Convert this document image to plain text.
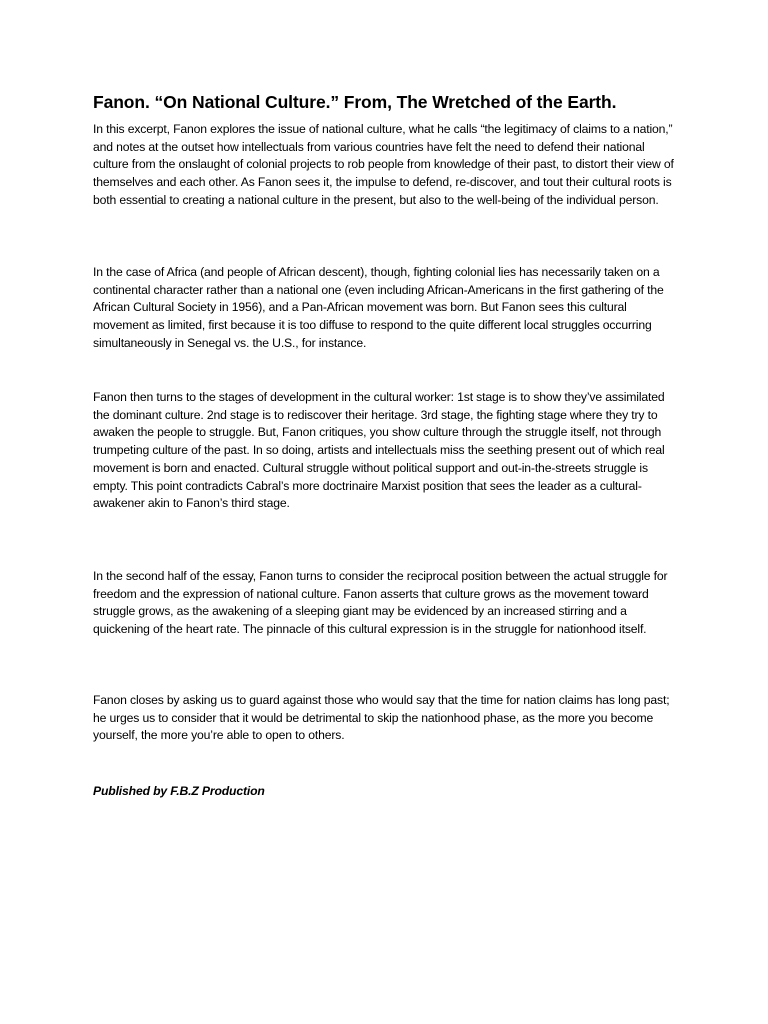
Fanon. “On National Culture.” From, The Wretched of the Earth.

In this excerpt, Fanon explores the issue of national culture, what he calls “the legitimacy of claims to a nation,” and notes at the outset how intellectuals from various countries have felt the need to defend their national culture from the onslaught of colonial projects to rob people from knowledge of their past, to distort their view of themselves and each other. As Fanon sees it, the impulse to defend, re-discover, and tout their cultural roots is both essential to creating a national culture in the present, but also to the well-being of the individual person.

In the case of Africa (and people of African descent), though, fighting colonial lies has necessarily taken on a continental character rather than a national one (even including African-Americans in the first gathering of the African Cultural Society in 1956), and a Pan-African movement was born. But Fanon sees this cultural movement as limited, first because it is too diffuse to respond to the quite different local struggles occurring simultaneously in Senegal vs. the U.S., for instance.

Fanon then turns to the stages of development in the cultural worker: 1st stage is to show they’ve assimilated the dominant culture. 2nd stage is to rediscover their heritage. 3rd stage, the fighting stage where they try to awaken the people to struggle. But, Fanon critiques, you show culture through the struggle itself, not through trumpeting culture of the past. In so doing, artists and intellectuals miss the seething present out of which real movement is born and enacted. Cultural struggle without political support and out-in-the-streets struggle is empty. This point contradicts Cabral’s more doctrinaire Marxist position that sees the leader as a cultural-awakener akin to Fanon’s third stage.

In the second half of the essay, Fanon turns to consider the reciprocal position between the actual struggle for freedom and the expression of national culture. Fanon asserts that culture grows as the movement toward struggle grows, as the awakening of a sleeping giant may be evidenced by an increased stirring and a quickening of the heart rate. The pinnacle of this cultural expression is in the struggle for nationhood itself.

Fanon closes by asking us to guard against those who would say that the time for nation claims has long past; he urges us to consider that it would be detrimental to skip the nationhood phase, as the more you become yourself, the more you’re able to open to others.

Published by F.B.Z Production
